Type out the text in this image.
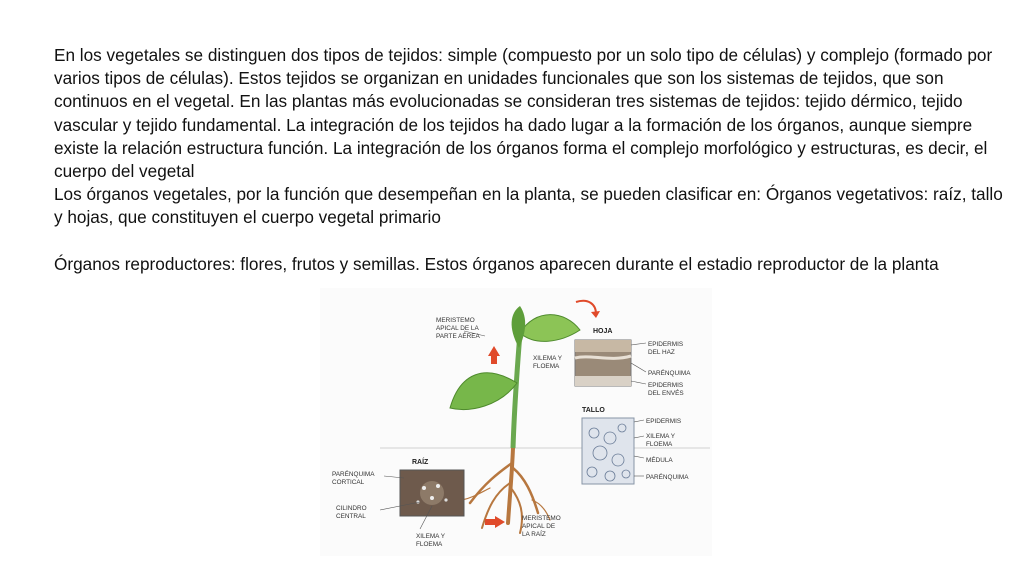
En los vegetales se distinguen dos tipos de tejidos: simple (compuesto por un solo tipo de células) y complejo (formado por varios tipos de células). Estos tejidos se organizan en unidades funcionales que son los sistemas de tejidos, que son continuos en el vegetal. En las plantas más evolucionadas se consideran tres sistemas de tejidos: tejido dérmico, tejido vascular y tejido fundamental. La integración de los tejidos ha dado lugar a la formación de los órganos, aunque siempre existe la relación estructura función. La integración de los órganos forma el complejo morfológico y estructuras, es decir, el cuerpo del vegetal

Los órganos vegetales, por la función que desempeñan en la planta, se pueden clasificar en: Órganos vegetativos: raíz, tallo y hojas, que constituyen el cuerpo vegetal primario

Órganos reproductores: flores, frutos y semillas. Estos órganos aparecen durante el estadio reproductor de la planta

MERISTEMO APICAL DE LA PARTE AÉREA
XILEMA Y FLOEMA
HOJA
EPIDERMIS DEL HAZ
PARÉNQUIMA
EPIDERMIS DEL ENVÉS
TALLO
EPIDERMIS
XILEMA Y FLOEMA
MÉDULA
PARÉNQUIMA
RAÍZ
PARÉNQUIMA CORTICAL
CILINDRO CENTRAL
XILEMA Y FLOEMA
MERISTEMO APICAL DE LA RAÍZ
